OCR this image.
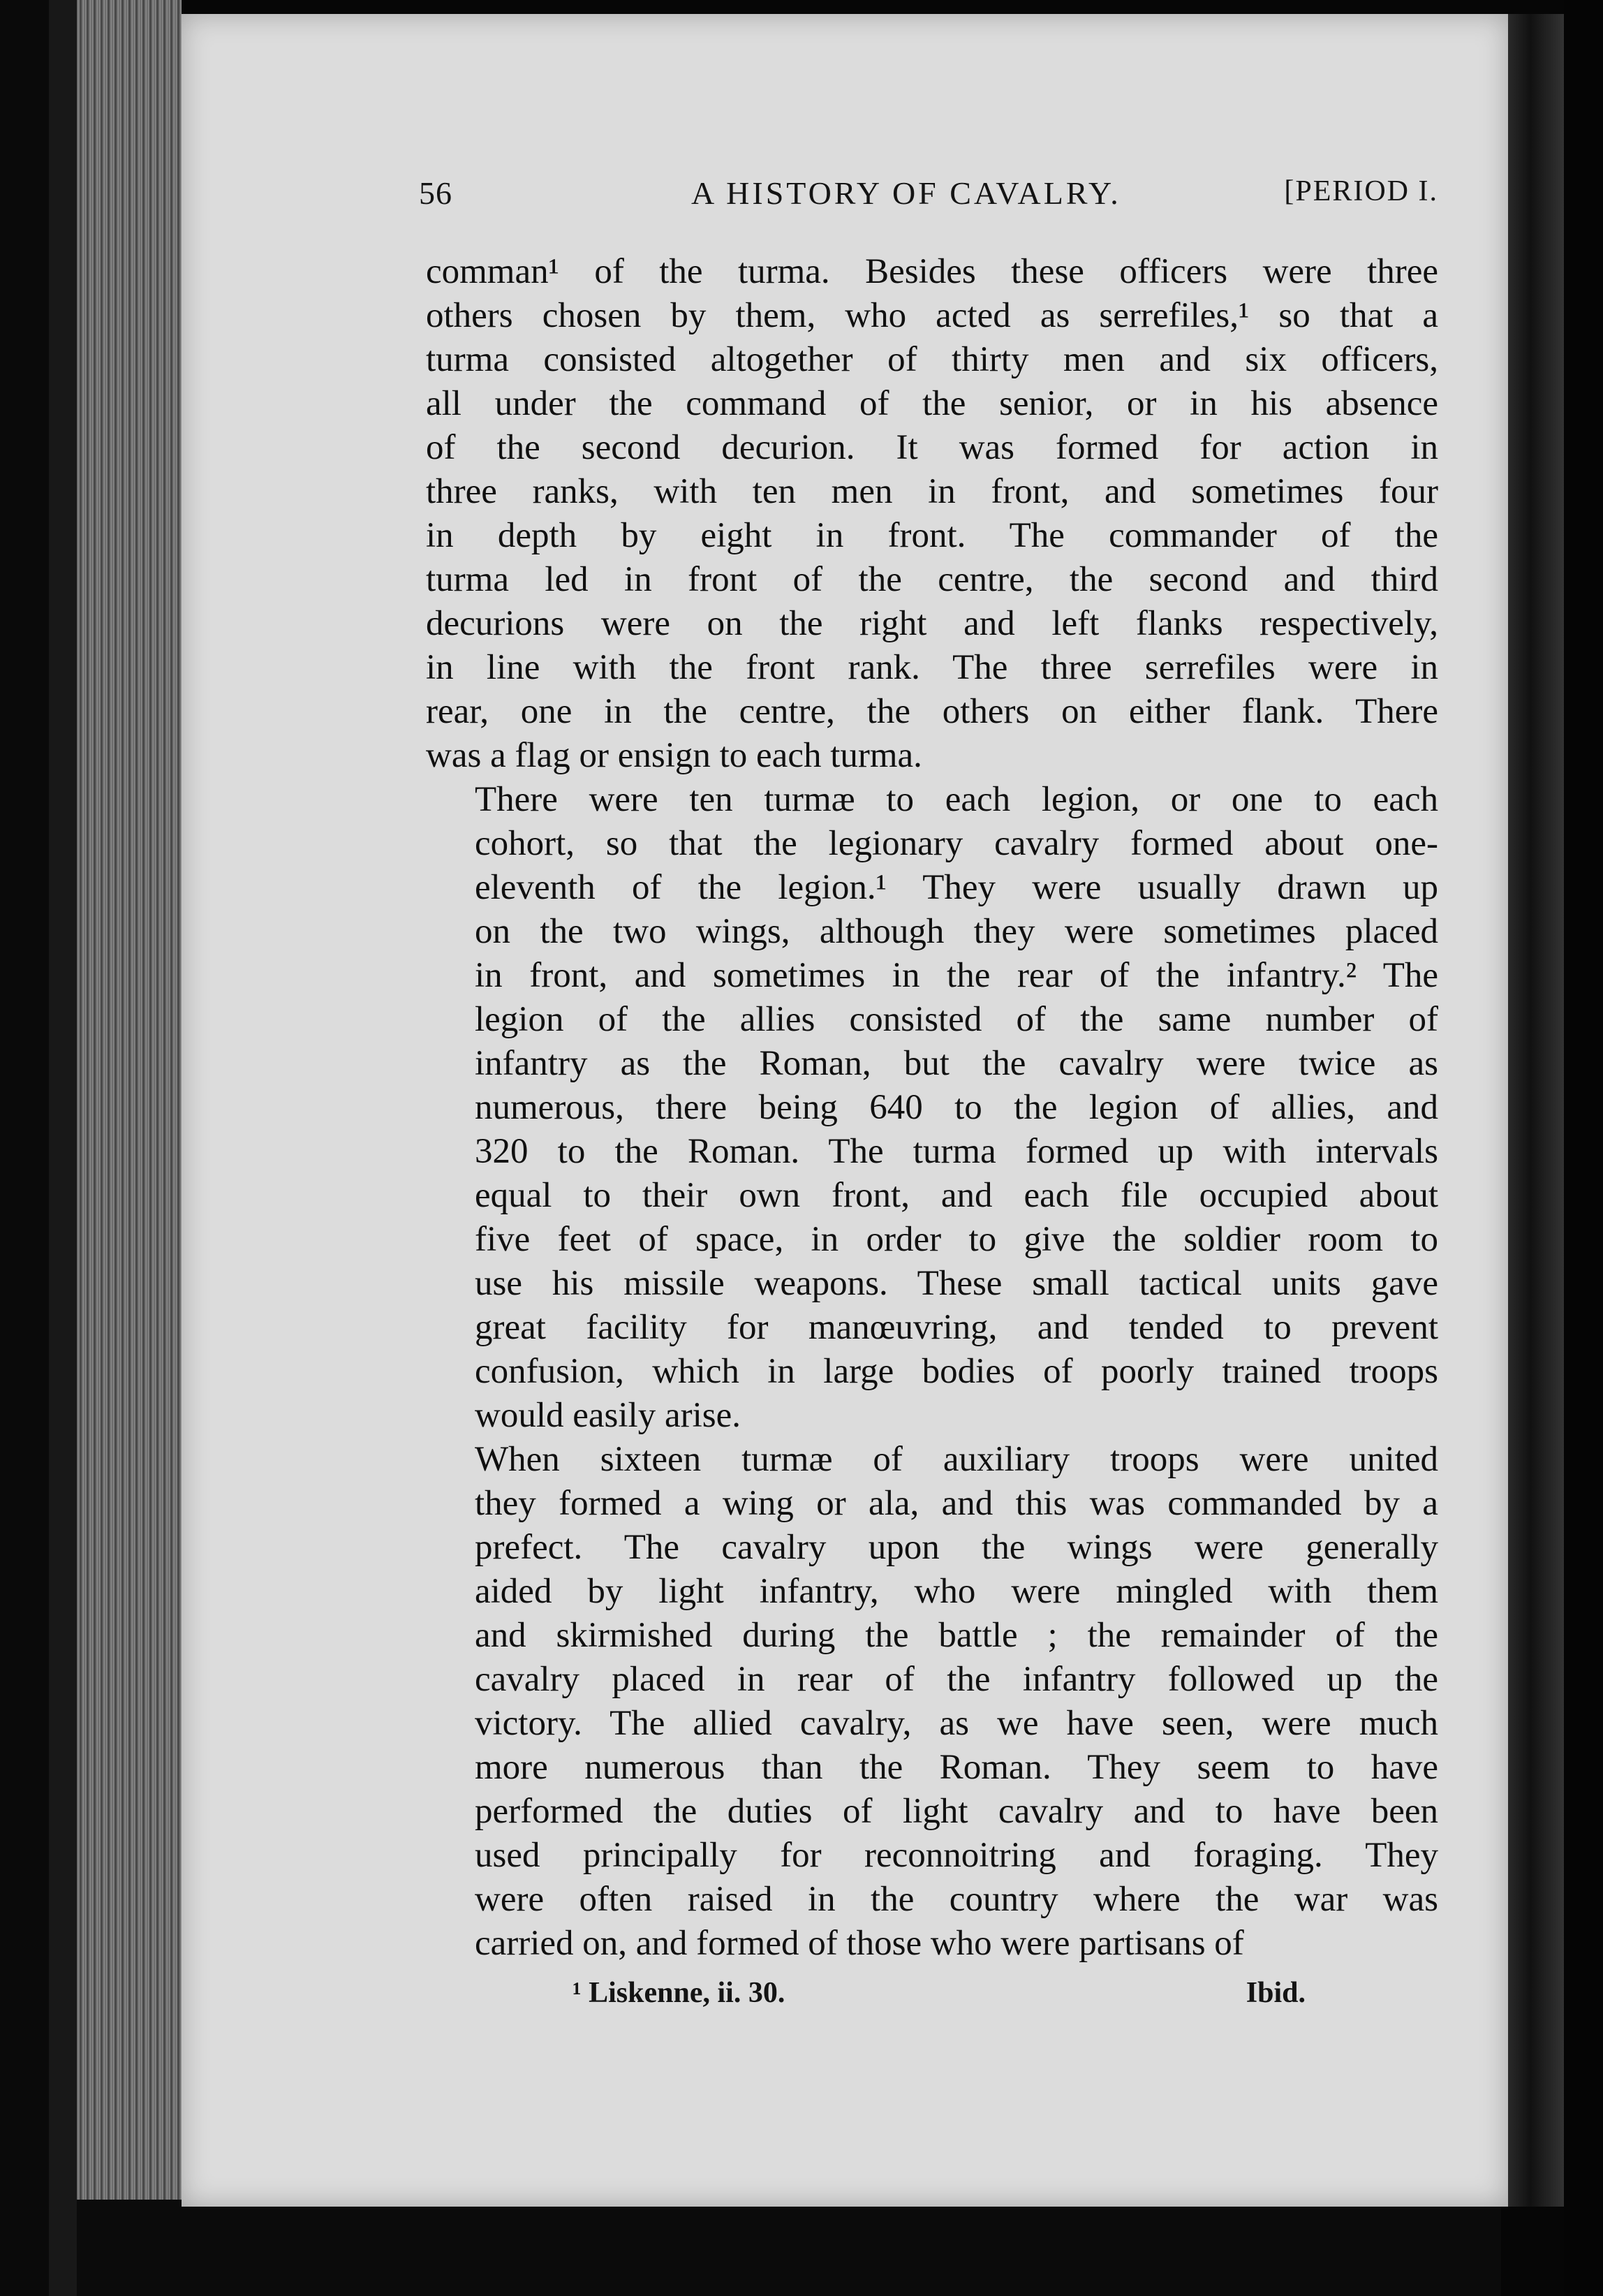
56	A HISTORY OF CAVALRY.	[PERIOD I.
comman¹ of the turma. Besides these officers were three
others chosen by them, who acted as serrefiles,¹ so that a
turma consisted altogether of thirty men and six officers,
all under the command of the senior, or in his absence
of the second decurion. It was formed for action in
three ranks, with ten men in front, and sometimes four
in depth by eight in front. The commander of the
turma led in front of the centre, the second and third
decurions were on the right and left flanks respectively,
in line with the front rank. The three serrefiles were in
rear, one in the centre, the others on either flank. There
was a flag or ensign to each turma.
There were ten turmæ to each legion, or one to each
cohort, so that the legionary cavalry formed about one-
eleventh of the legion.¹ They were usually drawn up
on the two wings, although they were sometimes placed
in front, and sometimes in the rear of the infantry.² The
legion of the allies consisted of the same number of
infantry as the Roman, but the cavalry were twice as
numerous, there being 640 to the legion of allies, and
320 to the Roman. The turma formed up with intervals
equal to their own front, and each file occupied about
five feet of space, in order to give the soldier room to
use his missile weapons. These small tactical units gave
great facility for manœuvring, and tended to prevent
confusion, which in large bodies of poorly trained troops
would easily arise.
When sixteen turmæ of auxiliary troops were united
they formed a wing or ala, and this was commanded by a
prefect. The cavalry upon the wings were generally
aided by light infantry, who were mingled with them
and skirmished during the battle ; the remainder of the
cavalry placed in rear of the infantry followed up the
victory. The allied cavalry, as we have seen, were much
more numerous than the Roman. They seem to have
performed the duties of light cavalry and to have been
used principally for reconnoitring and foraging. They
were often raised in the country where the war was
carried on, and formed of those who were partisans of
¹ Liskenne, ii. 30.	Ibid.
